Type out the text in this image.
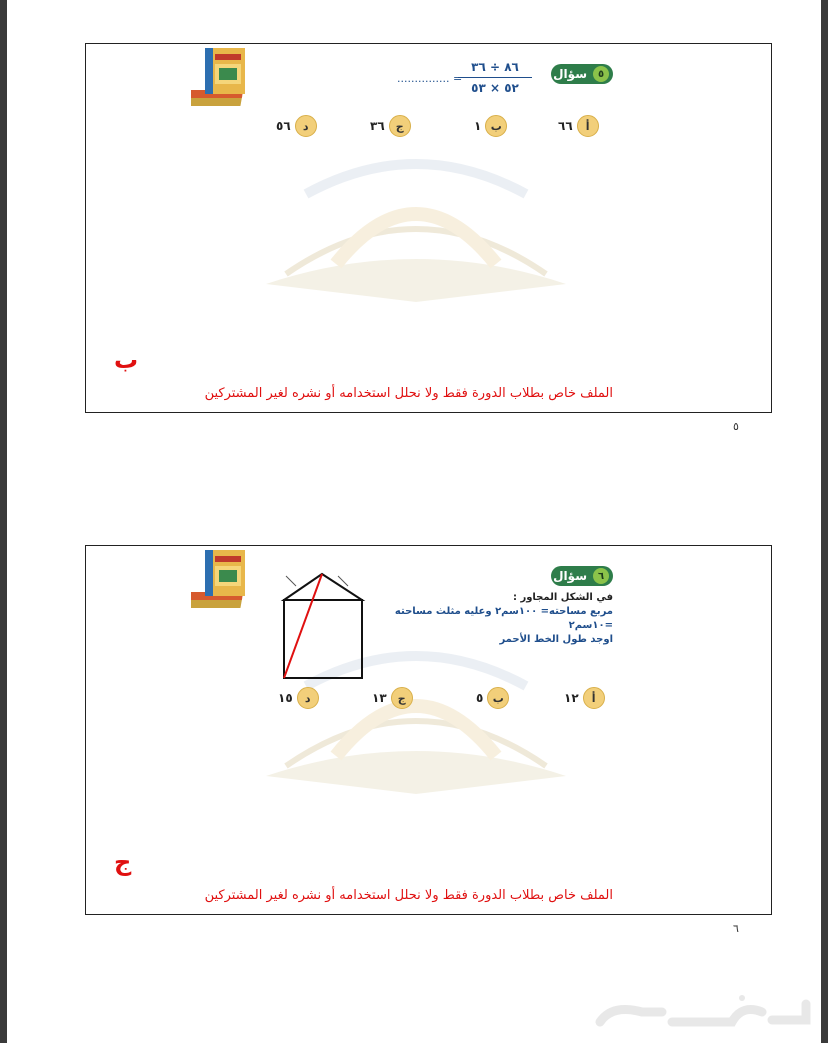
٥
سؤال
٨٦ ÷ ٣٦
٥٢ × ٥٣
............... =
أ
٦٦
ب
١
ج
٣٦
د
٥٦
ب
الملف خاص بطلاب الدورة فقط ولا نحلل استخدامه أو نشره لغير المشتركين
٥
٦
سؤال
في الشكل المجاور :
مربع مساحته= ١٠٠سم٢ وعليه مثلث مساحته =١٠سم٢
اوجد طول الخط الأحمر
أ
١٢
ب
٥
ج
١٣
د
١٥
ج
الملف خاص بطلاب الدورة فقط ولا نحلل استخدامه أو نشره لغير المشتركين
٦
